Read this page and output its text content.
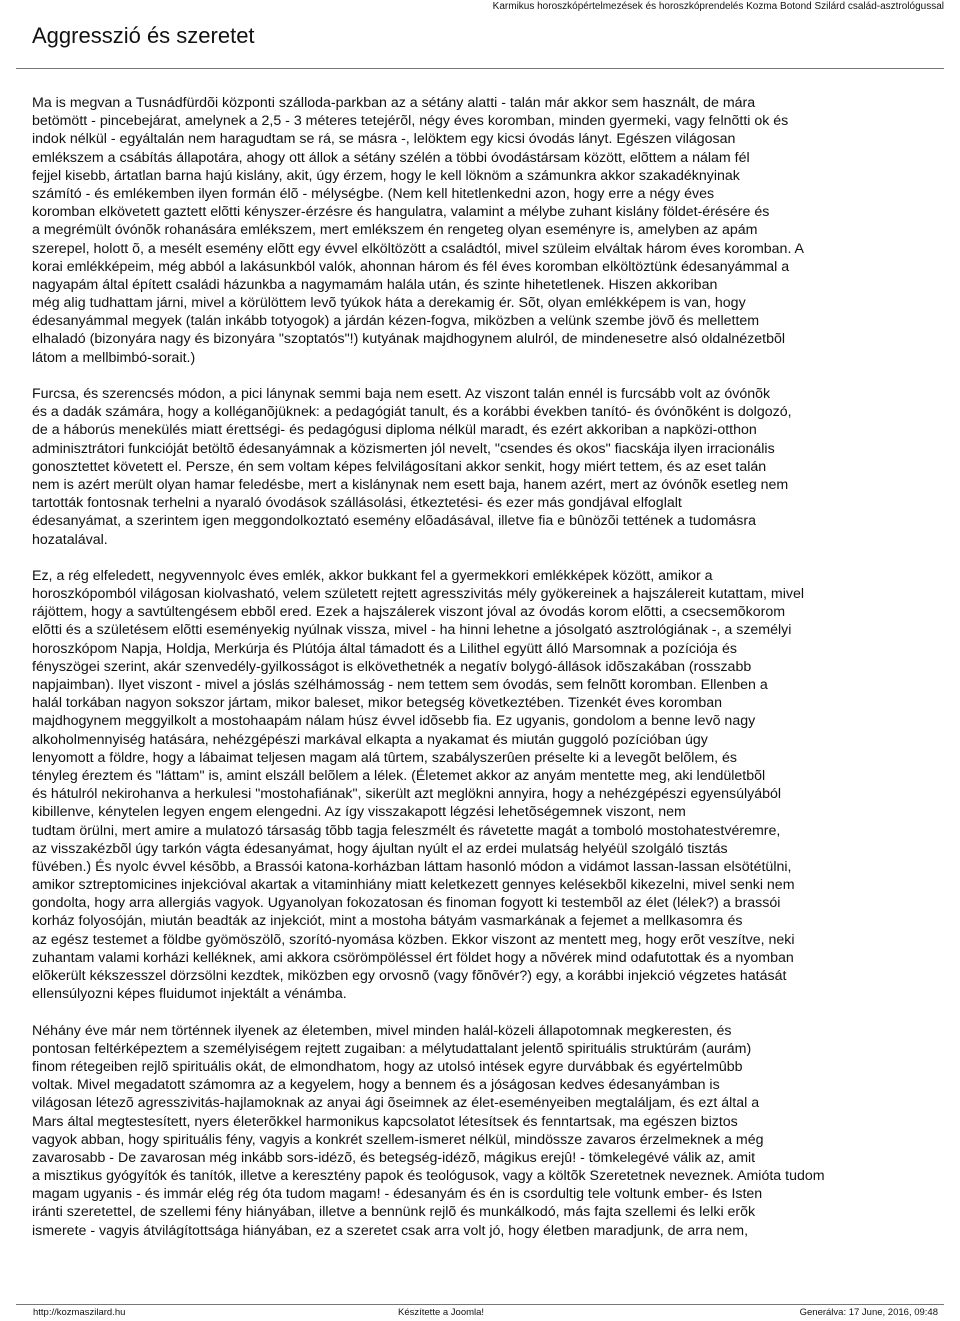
Karmikus horoszkópértelmezések és horoszkóprendelés Kozma Botond Szilárd család-asztrológussal
Aggresszió és szeretet
Ma is megvan a Tusnádfürdõi központi szálloda-parkban az a sétány alatti - talán már akkor sem használt, de mára
betömött - pincebejárat, amelynek a 2,5 - 3 méteres tetejérõl, négy éves koromban, minden gyermeki, vagy felnõtti ok és
indok nélkül - egyáltalán nem haragudtam se rá, se másra -, lelöktem egy kicsi óvodás lányt. Egészen világosan
emlékszem a csábítás állapotára, ahogy ott állok a sétány szélén a többi óvodástársam között, elõttem a nálam fél
fejjel kisebb, ártatlan barna hajú kislány, akit, úgy érzem, hogy le kell löknöm a számunkra akkor szakadéknyinak
számító - és emlékemben ilyen formán élõ - mélységbe. (Nem kell hitetlenkedni azon, hogy erre a négy éves
koromban elkövetett gaztett elõtti kényszer-érzésre és hangulatra, valamint a mélybe zuhant kislány földet-érésére és
a megrémült óvónõk rohanására emlékszem, mert emlékszem én rengeteg olyan eseményre is, amelyben az apám
szerepel, holott õ, a mesélt esemény elõtt egy évvel elköltözött a családtól, mivel szüleim elváltak három éves koromban. A
korai emlékképeim, még abból a lakásunkból valók, ahonnan három és fél éves koromban elköltöztünk édesanyámmal a
nagyapám által épített családi házunkba a nagymamám halála után, és szinte hihetetlenek. Hiszen akkoriban
még alig tudhattam járni, mivel a körülöttem levõ tyúkok háta a derekamig ér. Sõt, olyan emlékképem is van, hogy
édesanyámmal megyek (talán inkább totyogok) a járdán kézen-fogva, miközben a velünk szembe jövõ és mellettem
elhaladó (bizonyára nagy és bizonyára "szoptatós"!) kutyának majdhogynem alulról, de mindenesetre alsó oldalnézetbõl
látom a mellbimbó-sorait.)
Furcsa, és szerencsés módon, a pici lánynak semmi baja nem esett. Az viszont talán ennél is furcsább volt az óvónõk
és a dadák számára, hogy a kolléganõjüknek: a pedagógiát tanult, és a korábbi években tanító- és óvónõként is dolgozó,
de a háborús menekülés miatt érettségi- és pedagógusi diploma nélkül maradt, és ezért akkoriban a napközi-otthon
adminisztrátori funkcióját betöltõ édesanyámnak a közismerten jól nevelt, "csendes és okos" fiacskája ilyen irracionális
gonosztettet követett el. Persze, én sem voltam képes felvilágosítani akkor senkit, hogy miért tettem, és az eset talán
nem is azért merült olyan hamar feledésbe, mert a kislánynak nem esett baja, hanem azért, mert az óvónõk esetleg nem
tartották fontosnak terhelni a nyaraló óvodások szállásolási, étkeztetési- és ezer más gondjával elfoglalt
édesanyámat, a szerintem igen meggondolkoztató esemény elõadásával, illetve fia e bûnözõi tettének a tudomásra
hozatalával.
Ez, a rég elfeledett, negyvennyolc éves emlék, akkor bukkant fel a gyermekkori emlékképek között, amikor a
horoszkópomból világosan kiolvasható, velem született rejtett agresszivitás mély gyökereinek a hajszálereit kutattam, mivel
rájöttem, hogy a savtúltengésem ebbõl ered. Ezek a hajszálerek viszont jóval az óvodás korom elõtti, a csecsemõkorom
elõtti és a születésem elõtti eseményekig nyúlnak vissza, mivel - ha hinni lehetne a jósolgató asztrológiának -, a személyi
horoszkópom Napja, Holdja, Merkúrja és Plútója által támadott és a Lilithel együtt álló Marsomnak a pozíciója és
fényszögei szerint, akár szenvedély-gyilkosságot is elkövethetnék a negatív bolygó-állások idõszakában (rosszabb
napjaimban). Ilyet viszont - mivel a jóslás szélhámosság - nem tettem sem óvodás, sem felnõtt koromban. Ellenben a
halál torkában nagyon sokszor jártam, mikor baleset, mikor betegség következtében. Tizenkét éves koromban
majdhogynem meggyilkolt a mostohaapám nálam húsz évvel idõsebb fia. Ez ugyanis, gondolom a benne levõ nagy
alkoholmennyiség hatására, nehézgépészi markával elkapta a nyakamat és miután guggoló pozícióban úgy
lenyomott a földre, hogy a lábaimat teljesen magam alá tûrtem, szabályszerûen préselte ki a levegõt belõlem, és
tényleg éreztem és "láttam" is, amint elszáll belõlem a lélek. (Életemet akkor az anyám mentette meg, aki lendületbõl
és hátulról nekirohanva a herkulesi "mostohafiának", sikerült azt meglökni annyira, hogy a nehézgépészi egyensúlyából
kibillenve, kénytelen legyen engem elengedni. Az így visszakapott légzési lehetõségemnek viszont, nem
tudtam örülni, mert amire a mulatozó társaság tõbb tagja feleszmélt és rávetette magát a tomboló mostohatestvéremre,
az visszakézbõl úgy tarkón vágta édesanyámat, hogy ájultan nyúlt el az erdei mulatság helyéül szolgáló tisztás
füvében.) És nyolc évvel késõbb, a Brassói katona-korházban láttam hasonló módon a vidámot lassan-lassan elsötétülni,
amikor sztreptomicines injekcióval akartak a vitaminhiány miatt keletkezett gennyes kelésekbõl kikezelni, mivel senki nem
gondolta, hogy arra allergiás vagyok. Ugyanolyan fokozatosan és finoman fogyott ki testembõl az élet (lélek?) a brassói
korház folyosóján, miután beadták az injekciót, mint a mostoha bátyám vasmarkának a fejemet a mellkasomra és
az egész testemet a földbe gyömöszölõ, szorító-nyomása közben. Ekkor viszont az mentett meg, hogy erõt veszítve, neki
zuhantam valami korházi kelléknek, ami akkora csörömpöléssel ért földet hogy a nõvérek mind odafutottak és a nyomban
elõkerült kékszesszel dörzsölni kezdtek, miközben egy orvosnõ (vagy fõnõvér?) egy, a korábbi injekció végzetes hatását
ellensúlyozni képes fluidumot injektált a vénámba.
Néhány éve már nem történnek ilyenek az életemben, mivel minden halál-közeli állapotomnak megkeresten, és
pontosan feltérképeztem a személyiségem rejtett zugaiban: a mélytudattalant jelentõ spirituális struktúrám (aurám)
finom rétegeiben rejlõ spirituális okát, de elmondhatom, hogy az utolsó intések egyre durvábbak és egyértelmûbb
voltak. Mivel megadatott számomra az a kegyelem, hogy a bennem és a jóságosan kedves édesanyámban is
világosan létezõ agresszivitás-hajlamoknak az anyai ági õseimnek az élet-eseményeiben megtaláljam, és ezt által a
Mars által megtestesített, nyers életerõkkel harmonikus kapcsolatot létesítsek és fenntartsak, ma egészen biztos
vagyok abban, hogy spirituális fény, vagyis a konkrét szellem-ismeret nélkül, mindössze zavaros érzelmeknek a még
zavarosabb - De zavarosan még inkább sors-idézõ, és betegség-idézõ, mágikus erejû! - tömkelegévé válik az, amit
a misztikus gyógyítók és tanítók, illetve a keresztény papok és teológusok, vagy a költõk Szeretetnek neveznek. Amióta tudom
magam ugyanis - és immár elég rég óta tudom magam! - édesanyám és én is csordultig tele voltunk ember- és Isten
iránti szeretettel, de szellemi fény hiányában, illetve a bennünk rejlõ és munkálkodó, más fajta szellemi és lelki erõk
ismerete - vagyis átvilágítottsága hiányában, ez a szeretet csak arra volt jó, hogy életben maradjunk, de arra nem,
http://kozmaszilard.hu	Készítette a Joomla!	Generálva: 17 June, 2016, 09:48
